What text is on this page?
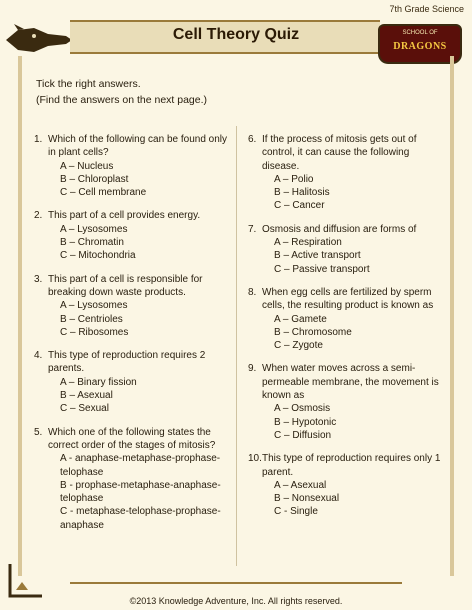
7th Grade Science
Cell Theory Quiz	SCHOOL OF
DRAGONS
Tick the right answers.
(Find the answers on the next page.)
1. Which of the following can be found only in plant cells?
A – Nucleus
B – Chloroplast
C – Cell membrane
2. This part of a cell provides energy.
A – Lysosomes
B – Chromatin
C – Mitochondria
3. This part of a cell is responsible for breaking down waste products.
A – Lysosomes
B – Centrioles
C – Ribosomes
4. This type of reproduction requires 2 parents.
A – Binary fission
B – Asexual
C – Sexual
5. Which one of the following states the correct order of the stages of mitosis?
A - anaphase-metaphase-prophase-telophase
B - prophase-metaphase-anaphase-telophase
C - metaphase-telophase-prophase-anaphase
6. If the process of mitosis gets out of control, it can cause the following disease.
A – Polio
B – Halitosis
C – Cancer
7. Osmosis and diffusion are forms of
A – Respiration
B – Active transport
C – Passive transport
8. When egg cells are fertilized by sperm cells, the resulting product is known as
A – Gamete
B – Chromosome
C – Zygote
9. When water moves across a semi-permeable membrane, the movement is known as
A – Osmosis
B – Hypotonic
C – Diffusion
10. This type of reproduction requires only 1 parent.
A – Asexual
B – Nonsexual
C - Single
©2013 Knowledge Adventure, Inc. All rights reserved.
